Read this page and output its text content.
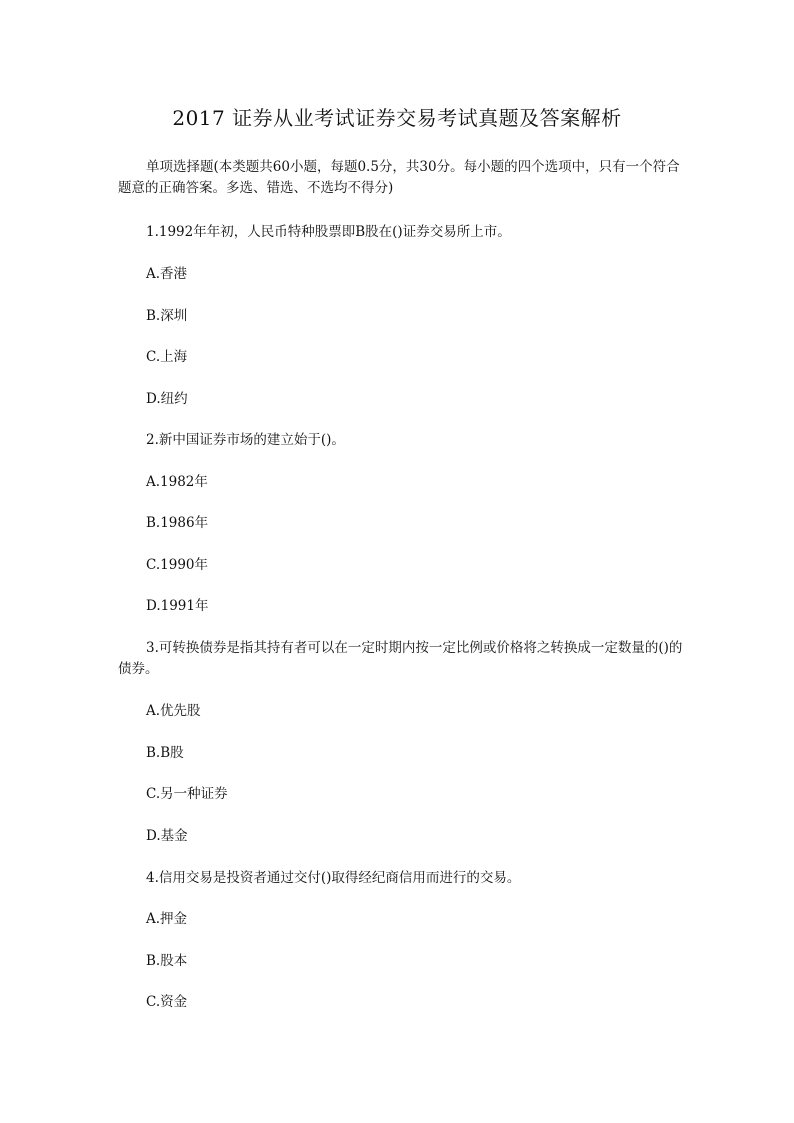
2017 证券从业考试证券交易考试真题及答案解析
单项选择题(本类题共60小题，每题0.5分，共30分。每小题的四个选项中，只有一个符合题意的正确答案。多选、错选、不选均不得分)
1.1992年年初，人民币特种股票即B股在()证券交易所上市。
A.香港
B.深圳
C.上海
D.纽约
2.新中国证券市场的建立始于()。
A.1982年
B.1986年
C.1990年
D.1991年
3.可转换债券是指其持有者可以在一定时期内按一定比例或价格将之转换成一定数量的()的债券。
A.优先股
B.B股
C.另一种证券
D.基金
4.信用交易是投资者通过交付()取得经纪商信用而进行的交易。
A.押金
B.股本
C.资金
